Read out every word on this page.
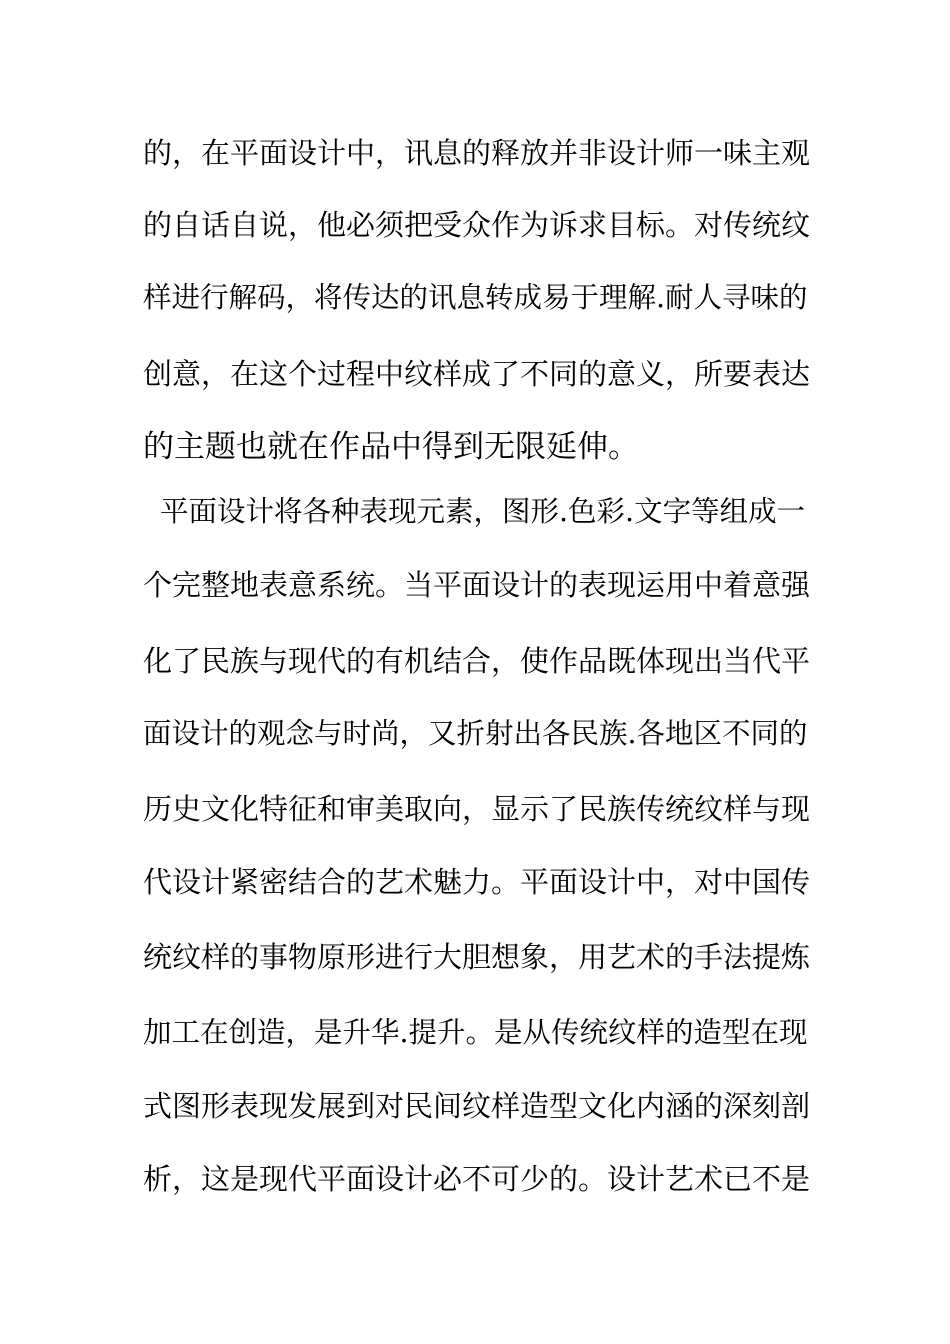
的，在平面设计中，讯息的释放并非设计师一味主观
的自话自说，他必须把受众作为诉求目标。对传统纹
样进行解码，将传达的讯息转成易于理解.耐人寻味的
创意，在这个过程中纹样成了不同的意义，所要表达
的主题也就在作品中得到无限延伸。
平面设计将各种表现元素，图形.色彩.文字等组成一
个完整地表意系统。当平面设计的表现运用中着意强
化了民族与现代的有机结合，使作品既体现出当代平
面设计的观念与时尚，又折射出各民族.各地区不同的
历史文化特征和审美取向，显示了民族传统纹样与现
代设计紧密结合的艺术魅力。平面设计中，对中国传
统纹样的事物原形进行大胆想象，用艺术的手法提炼
加工在创造，是升华.提升。是从传统纹样的造型在现
式图形表现发展到对民间纹样造型文化内涵的深刻剖
析，这是现代平面设计必不可少的。设计艺术已不是
